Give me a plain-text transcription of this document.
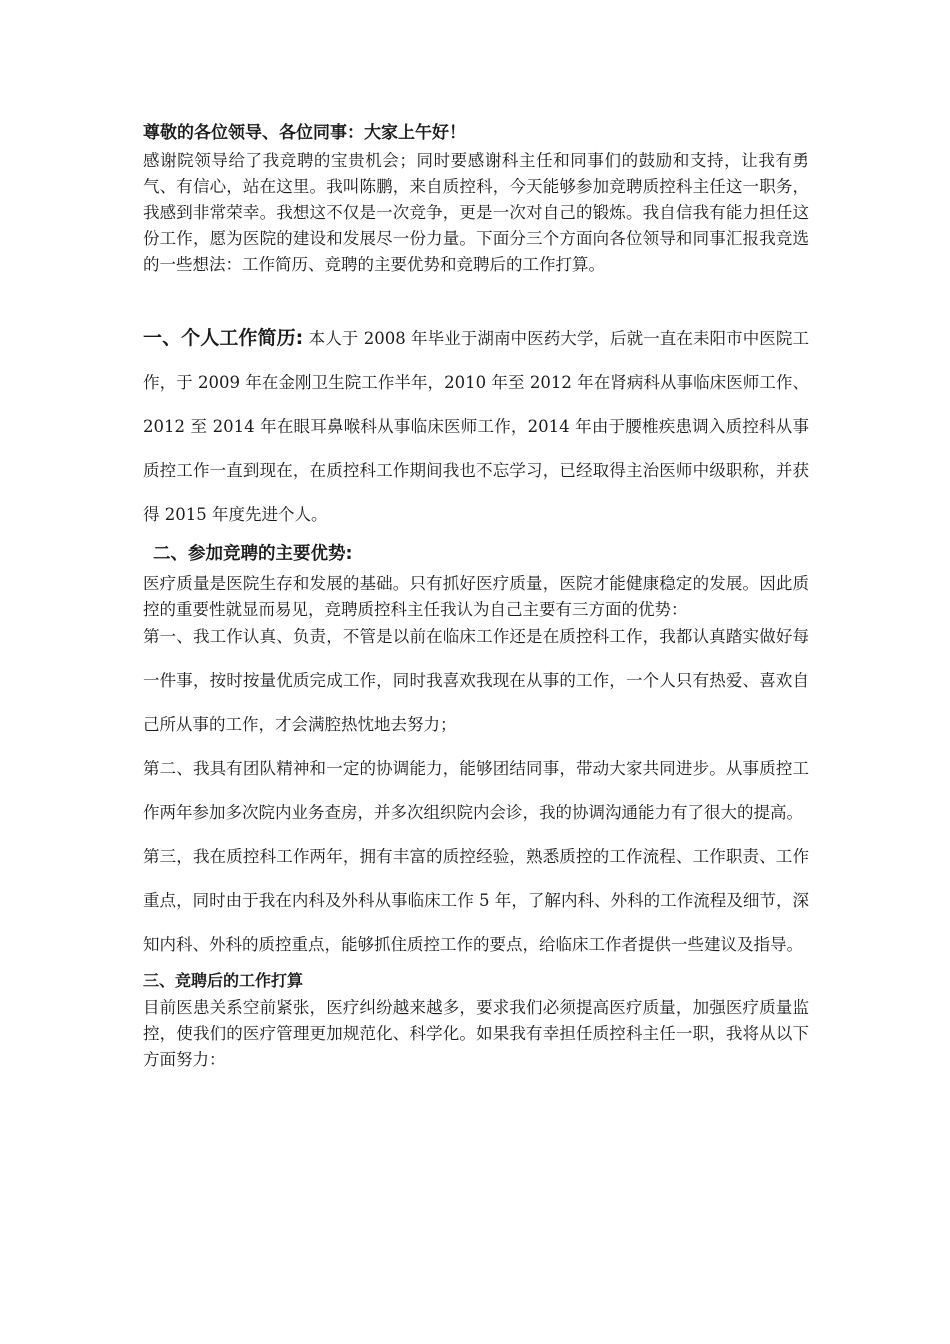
尊敬的各位领导、各位同事：大家上午好！

感谢院领导给了我竞聘的宝贵机会；同时要感谢科主任和同事们的鼓励和支持，让我有勇气、有信心，站在这里。我叫陈鹏，来自质控科，今天能够参加竞聘质控科主任这一职务，我感到非常荣幸。我想这不仅是一次竞争，更是一次对自己的锻炼。我自信我有能力担任这份工作，愿为医院的建设和发展尽一份力量。下面分三个方面向各位领导和同事汇报我竞选的一些想法：工作简历、竞聘的主要优势和竞聘后的工作打算。

一、个人工作简历: 本人于 2008 年毕业于湖南中医药大学，后就一直在耒阳市中医院工作，于 2009 年在金刚卫生院工作半年，2010 年至 2012 年在肾病科从事临床医师工作、2012 至 2014 年在眼耳鼻喉科从事临床医师工作，2014 年由于腰椎疾患调入质控科从事质控工作一直到现在，在质控科工作期间我也不忘学习，已经取得主治医师中级职称，并获得 2015 年度先进个人。

二、参加竞聘的主要优势:

医疗质量是医院生存和发展的基础。只有抓好医疗质量，医院才能健康稳定的发展。因此质控的重要性就显而易见，竞聘质控科主任我认为自己主要有三方面的优势：

第一、我工作认真、负责，不管是以前在临床工作还是在质控科工作，我都认真踏实做好每一件事，按时按量优质完成工作，同时我喜欢我现在从事的工作，一个人只有热爱、喜欢自己所从事的工作，才会满腔热忱地去努力；

第二、我具有团队精神和一定的协调能力，能够团结同事，带动大家共同进步。从事质控工作两年参加多次院内业务查房，并多次组织院内会诊，我的协调沟通能力有了很大的提高。

第三，我在质控科工作两年，拥有丰富的质控经验，熟悉质控的工作流程、工作职责、工作重点，同时由于我在内科及外科从事临床工作 5 年，了解内科、外科的工作流程及细节，深知内科、外科的质控重点，能够抓住质控工作的要点，给临床工作者提供一些建议及指导。

三、竞聘后的工作打算

目前医患关系空前紧张，医疗纠纷越来越多，要求我们必须提高医疗质量，加强医疗质量监控，使我们的医疗管理更加规范化、科学化。如果我有幸担任质控科主任一职，我将从以下方面努力：
